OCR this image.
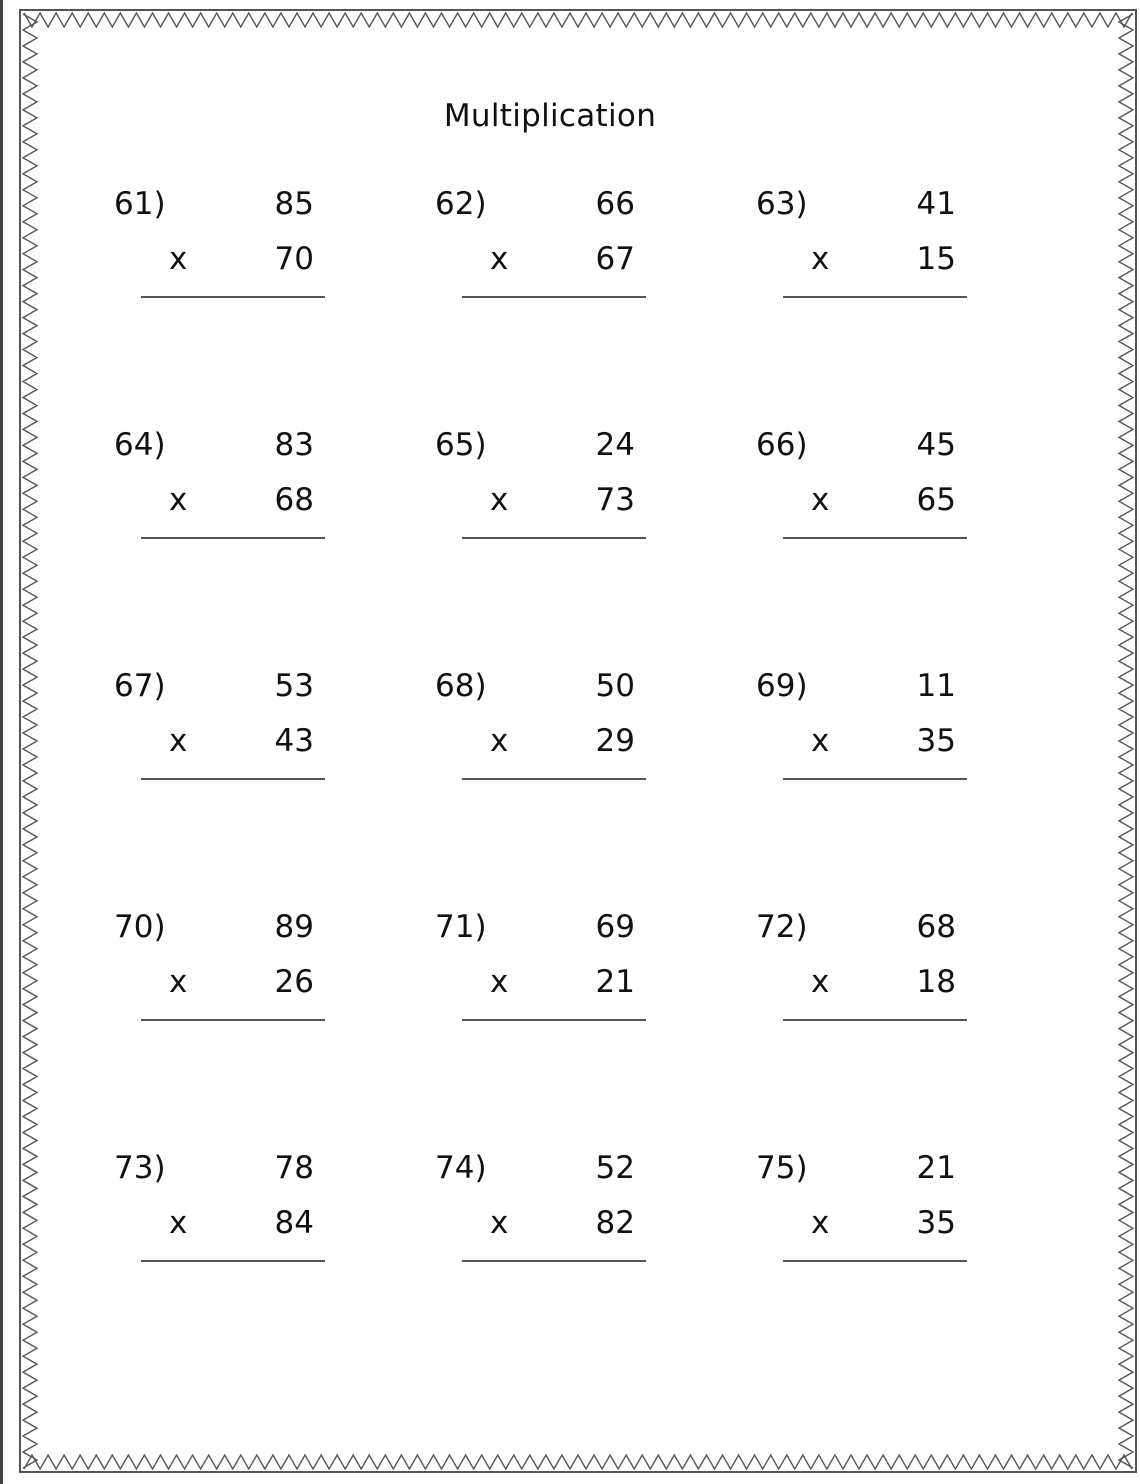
Multiplication
61)	85
x	70
62)	66
x	67
63)	41
x	15
64)	83
x	68
65)	24
x	73
66)	45
x	65
67)	53
x	43
68)	50
x	29
69)	11
x	35
70)	89
x	26
71)	69
x	21
72)	68
x	18
73)	78
x	84
74)	52
x	82
75)	21
x	35
